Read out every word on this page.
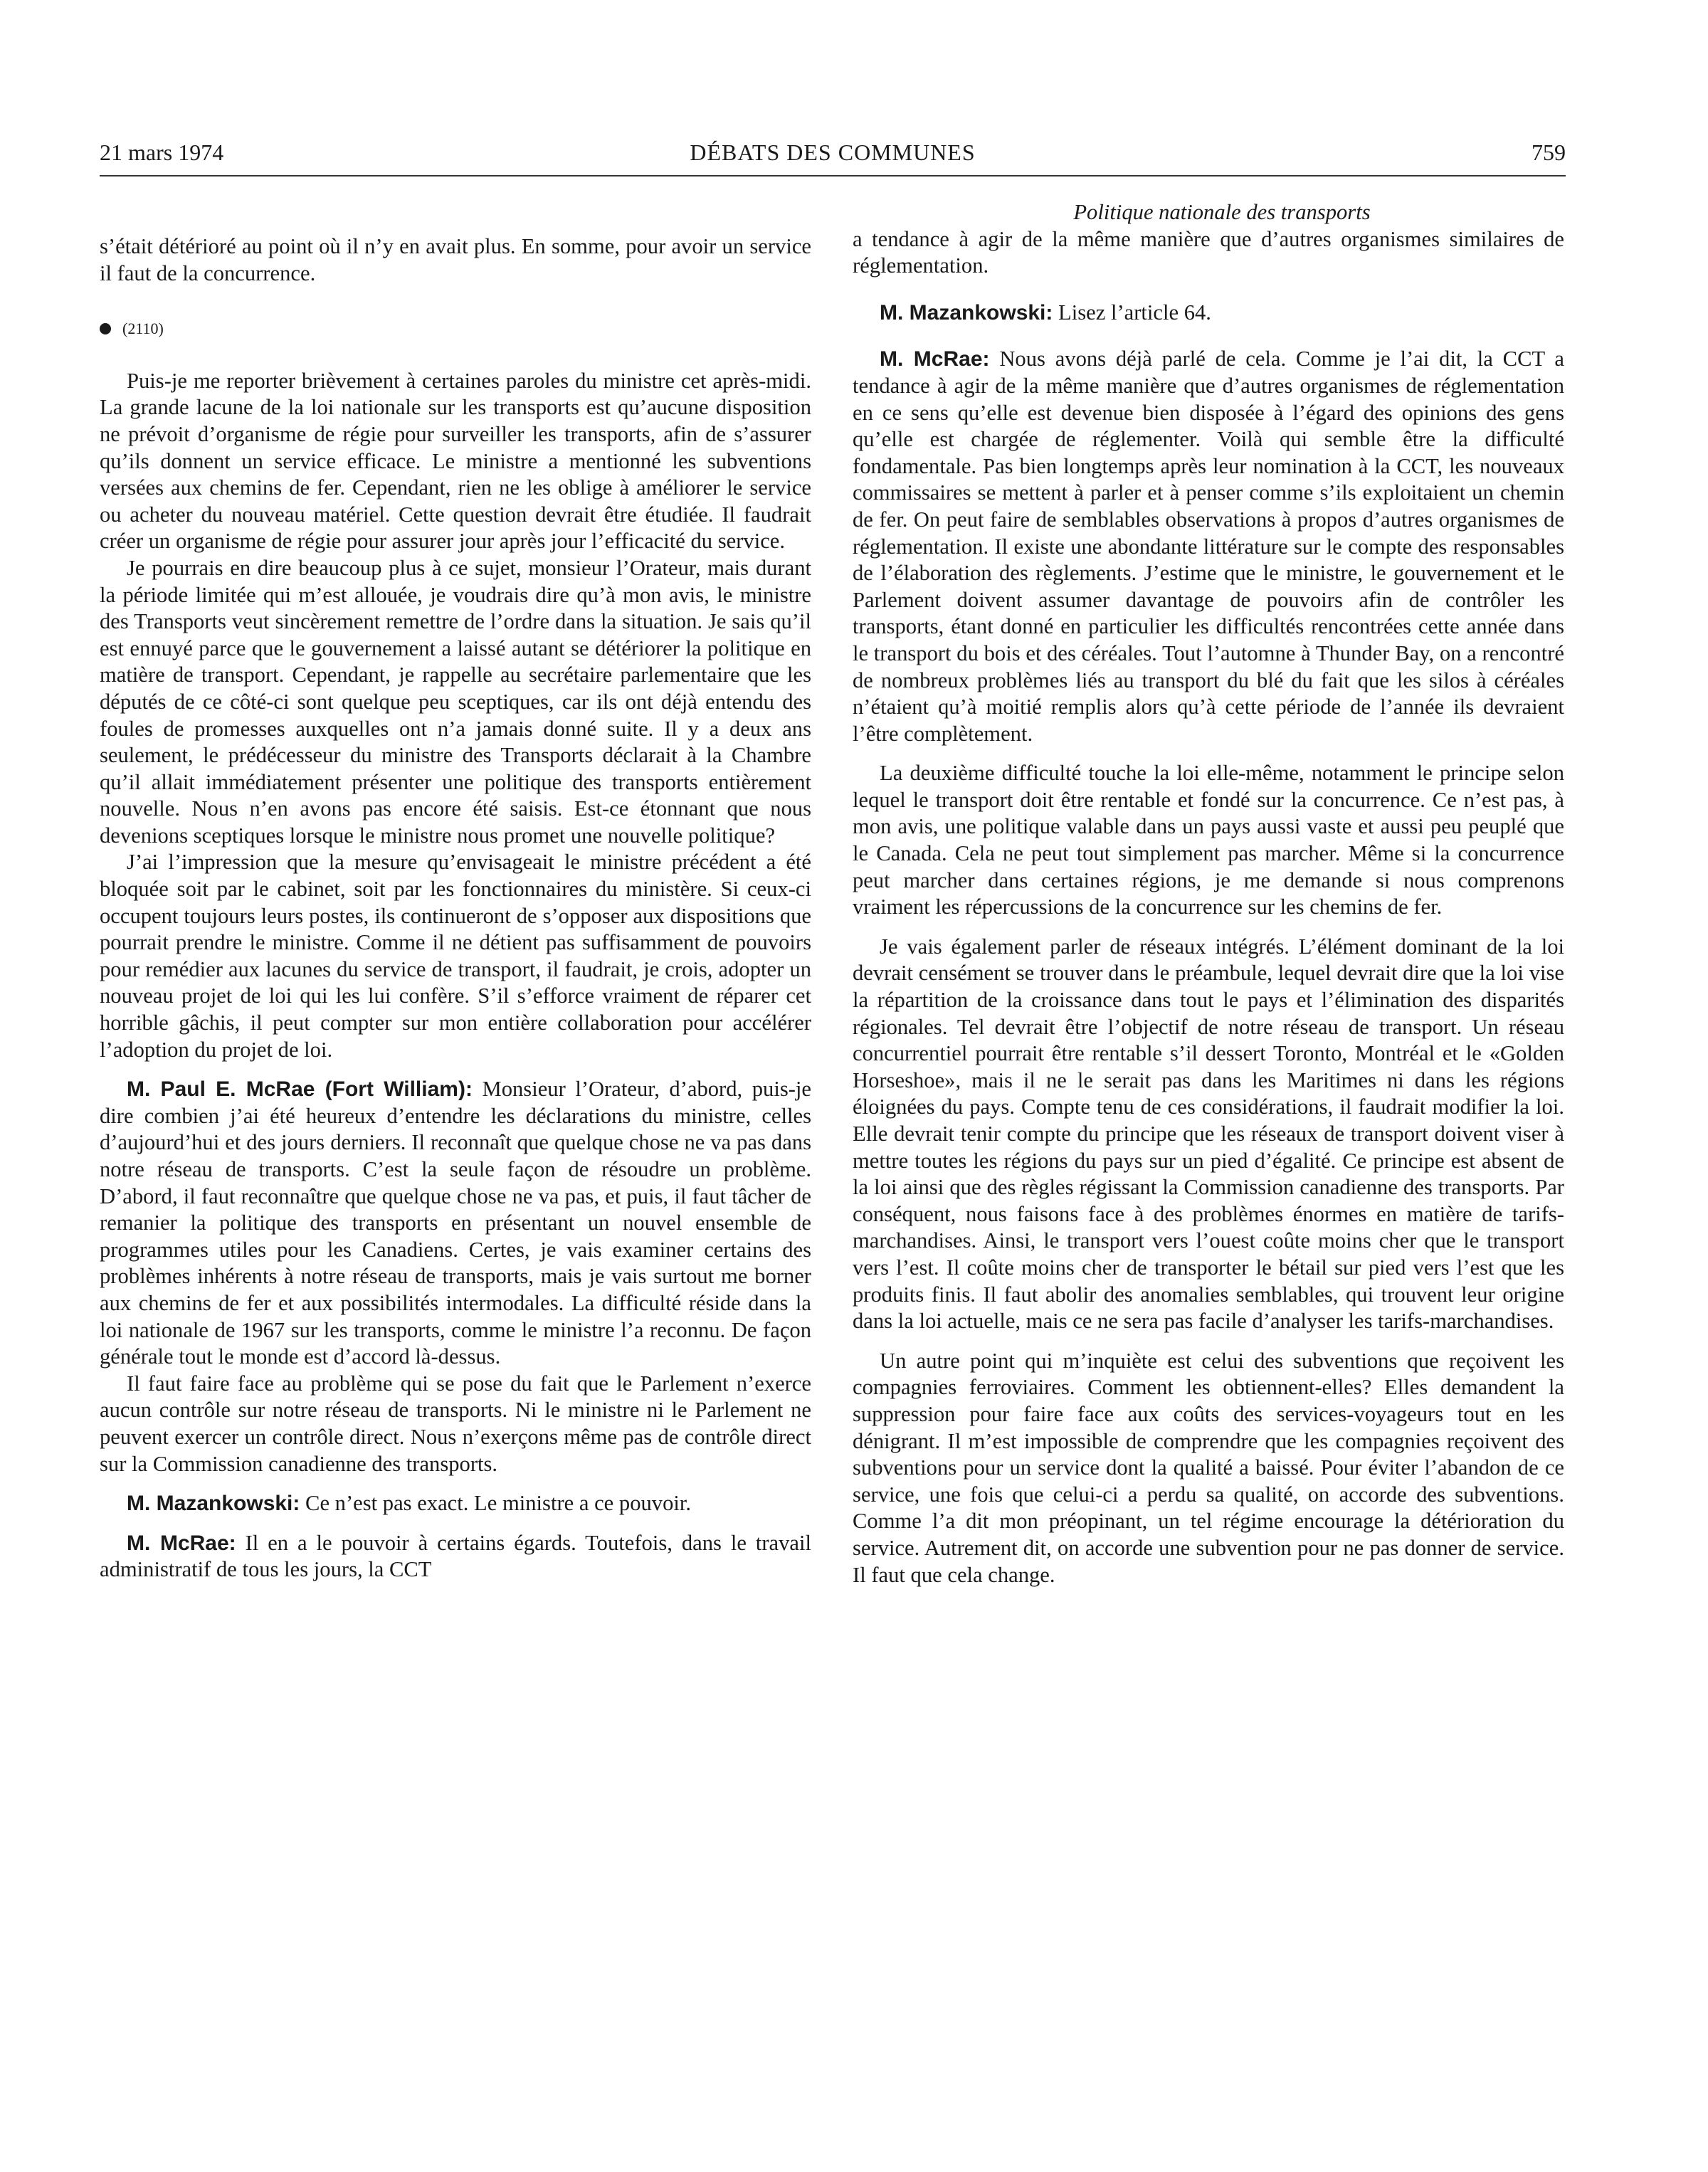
21 mars 1974	DÉBATS DES COMMUNES	759

s’était détérioré au point où il n’y en avait plus. En somme, pour avoir un service il faut de la concurrence.

(2110)

Puis-je me reporter brièvement à certaines paroles du ministre cet après-midi. La grande lacune de la loi nationale sur les transports est qu’aucune disposition ne prévoit d’organisme de régie pour surveiller les transports, afin de s’assurer qu’ils donnent un service efficace. Le ministre a mentionné les subventions versées aux chemins de fer. Cependant, rien ne les oblige à améliorer le service ou acheter du nouveau matériel. Cette question devrait être étudiée. Il faudrait créer un organisme de régie pour assurer jour après jour l’efficacité du service.

Je pourrais en dire beaucoup plus à ce sujet, monsieur l’Orateur, mais durant la période limitée qui m’est allouée, je voudrais dire qu’à mon avis, le ministre des Transports veut sincèrement remettre de l’ordre dans la situation. Je sais qu’il est ennuyé parce que le gouvernement a laissé autant se détériorer la politique en matière de transport. Cependant, je rappelle au secrétaire parlementaire que les députés de ce côté-ci sont quelque peu sceptiques, car ils ont déjà entendu des foules de promesses auxquelles ont n’a jamais donné suite. Il y a deux ans seulement, le prédécesseur du ministre des Transports déclarait à la Chambre qu’il allait immédiatement présenter une politique des transports entièrement nouvelle. Nous n’en avons pas encore été saisis. Est-ce étonnant que nous devenions sceptiques lorsque le ministre nous promet une nouvelle politique?

J’ai l’impression que la mesure qu’envisageait le ministre précédent a été bloquée soit par le cabinet, soit par les fonctionnaires du ministère. Si ceux-ci occupent toujours leurs postes, ils continueront de s’opposer aux dispositions que pourrait prendre le ministre. Comme il ne détient pas suffisamment de pouvoirs pour remédier aux lacunes du service de transport, il faudrait, je crois, adopter un nouveau projet de loi qui les lui confère. S’il s’efforce vraiment de réparer cet horrible gâchis, il peut compter sur mon entière collaboration pour accélérer l’adoption du projet de loi.

M. Paul E. McRae (Fort William): Monsieur l’Orateur, d’abord, puis-je dire combien j’ai été heureux d’entendre les déclarations du ministre, celles d’aujourd’hui et des jours derniers. Il reconnaît que quelque chose ne va pas dans notre réseau de transports. C’est la seule façon de résoudre un problème. D’abord, il faut reconnaître que quelque chose ne va pas, et puis, il faut tâcher de remanier la politique des transports en présentant un nouvel ensemble de programmes utiles pour les Canadiens. Certes, je vais examiner certains des problèmes inhérents à notre réseau de transports, mais je vais surtout me borner aux chemins de fer et aux possibilités intermodales. La difficulté réside dans la loi nationale de 1967 sur les transports, comme le ministre l’a reconnu. De façon générale tout le monde est d’accord là-dessus.

Il faut faire face au problème qui se pose du fait que le Parlement n’exerce aucun contrôle sur notre réseau de transports. Ni le ministre ni le Parlement ne peuvent exercer un contrôle direct. Nous n’exerçons même pas de contrôle direct sur la Commission canadienne des transports.

M. Mazankowski: Ce n’est pas exact. Le ministre a ce pouvoir.

M. McRae: Il en a le pouvoir à certains égards. Toutefois, dans le travail administratif de tous les jours, la CCT

Politique nationale des transports

a tendance à agir de la même manière que d’autres organismes similaires de réglementation.

M. Mazankowski: Lisez l’article 64.

M. McRae: Nous avons déjà parlé de cela. Comme je l’ai dit, la CCT a tendance à agir de la même manière que d’autres organismes de réglementation en ce sens qu’elle est devenue bien disposée à l’égard des opinions des gens qu’elle est chargée de réglementer. Voilà qui semble être la difficulté fondamentale. Pas bien longtemps après leur nomination à la CCT, les nouveaux commissaires se mettent à parler et à penser comme s’ils exploitaient un chemin de fer. On peut faire de semblables observations à propos d’autres organismes de réglementation. Il existe une abondante littérature sur le compte des responsables de l’élaboration des règlements. J’estime que le ministre, le gouvernement et le Parlement doivent assumer davantage de pouvoirs afin de contrôler les transports, étant donné en particulier les difficultés rencontrées cette année dans le transport du bois et des céréales. Tout l’automne à Thunder Bay, on a rencontré de nombreux problèmes liés au transport du blé du fait que les silos à céréales n’étaient qu’à moitié remplis alors qu’à cette période de l’année ils devraient l’être complètement.

La deuxième difficulté touche la loi elle-même, notamment le principe selon lequel le transport doit être rentable et fondé sur la concurrence. Ce n’est pas, à mon avis, une politique valable dans un pays aussi vaste et aussi peu peuplé que le Canada. Cela ne peut tout simplement pas marcher. Même si la concurrence peut marcher dans certaines régions, je me demande si nous comprenons vraiment les répercussions de la concurrence sur les chemins de fer.

Je vais également parler de réseaux intégrés. L’élément dominant de la loi devrait censément se trouver dans le préambule, lequel devrait dire que la loi vise la répartition de la croissance dans tout le pays et l’élimination des disparités régionales. Tel devrait être l’objectif de notre réseau de transport. Un réseau concurrentiel pourrait être rentable s’il dessert Toronto, Montréal et le «Golden Horseshoe», mais il ne le serait pas dans les Maritimes ni dans les régions éloignées du pays. Compte tenu de ces considérations, il faudrait modifier la loi. Elle devrait tenir compte du principe que les réseaux de transport doivent viser à mettre toutes les régions du pays sur un pied d’égalité. Ce principe est absent de la loi ainsi que des règles régissant la Commission canadienne des transports. Par conséquent, nous faisons face à des problèmes énormes en matière de tarifs-marchandises. Ainsi, le transport vers l’ouest coûte moins cher que le transport vers l’est. Il coûte moins cher de transporter le bétail sur pied vers l’est que les produits finis. Il faut abolir des anomalies semblables, qui trouvent leur origine dans la loi actuelle, mais ce ne sera pas facile d’analyser les tarifs-marchandises.

Un autre point qui m’inquiète est celui des subventions que reçoivent les compagnies ferroviaires. Comment les obtiennent-elles? Elles demandent la suppression pour faire face aux coûts des services-voyageurs tout en les dénigrant. Il m’est impossible de comprendre que les compagnies reçoivent des subventions pour un service dont la qualité a baissé. Pour éviter l’abandon de ce service, une fois que celui-ci a perdu sa qualité, on accorde des subventions. Comme l’a dit mon préopinant, un tel régime encourage la détérioration du service. Autrement dit, on accorde une subvention pour ne pas donner de service. Il faut que cela change.
